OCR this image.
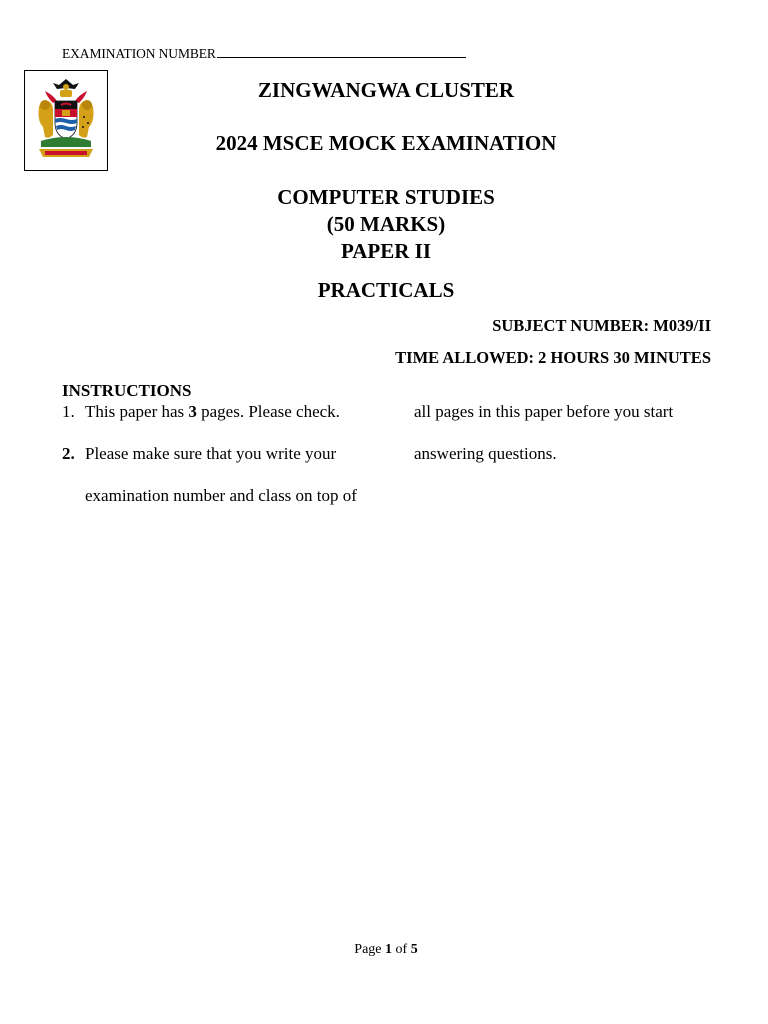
EXAMINATION NUMBER
ZINGWANGWA CLUSTER
2024 MSCE MOCK EXAMINATION
COMPUTER STUDIES
(50 MARKS)
PAPER II
PRACTICALS
SUBJECT NUMBER: M039/II
TIME ALLOWED: 2 HOURS 30 MINUTES
INSTRUCTIONS
1. This paper has 3 pages. Please check.
2. Please make sure that you write your
examination number and class on top of
all pages in this paper before you start
answering questions.
Page 1 of 5
